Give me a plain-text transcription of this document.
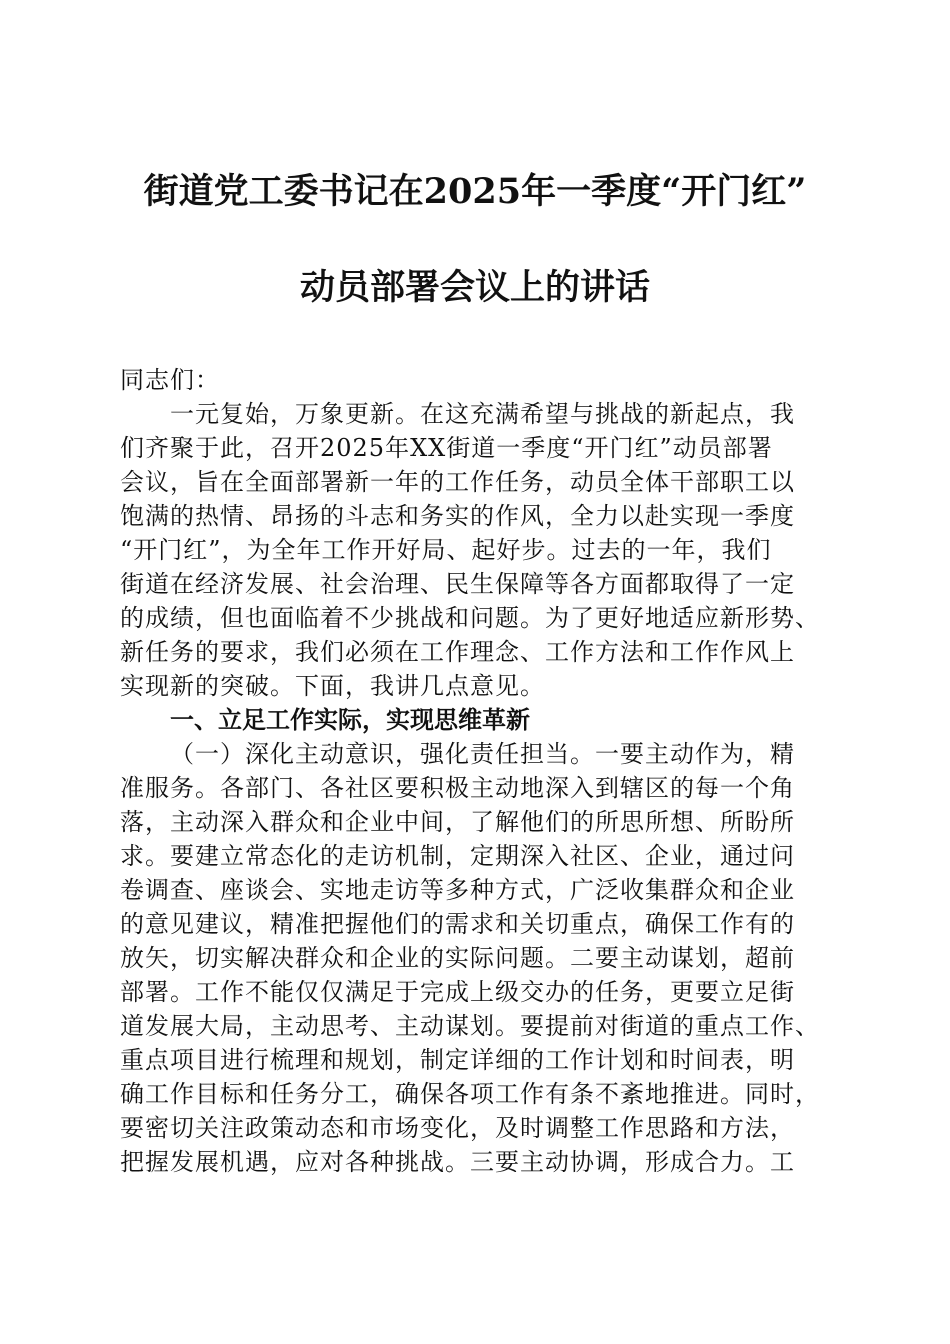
街道党工委书记在2025年一季度“开门红”
动员部署会议上的讲话
同志们：
一元复始，万象更新。在这充满希望与挑战的新起点，我
们齐聚于此，召开2025年XX街道一季度“开门红”动员部署
会议，旨在全面部署新一年的工作任务，动员全体干部职工以
饱满的热情、昂扬的斗志和务实的作风，全力以赴实现一季度
“开门红”，为全年工作开好局、起好步。过去的一年，我们
街道在经济发展、社会治理、民生保障等各方面都取得了一定
的成绩，但也面临着不少挑战和问题。为了更好地适应新形势、
新任务的要求，我们必须在工作理念、工作方法和工作作风上
实现新的突破。下面，我讲几点意见。
一、立足工作实际，实现思维革新
（一）深化主动意识，强化责任担当。一要主动作为，精
准服务。各部门、各社区要积极主动地深入到辖区的每一个角
落，主动深入群众和企业中间，了解他们的所思所想、所盼所
求。要建立常态化的走访机制，定期深入社区、企业，通过问
卷调查、座谈会、实地走访等多种方式，广泛收集群众和企业
的意见建议，精准把握他们的需求和关切重点，确保工作有的
放矢，切实解决群众和企业的实际问题。二要主动谋划，超前
部署。工作不能仅仅满足于完成上级交办的任务，更要立足街
道发展大局，主动思考、主动谋划。要提前对街道的重点工作、
重点项目进行梳理和规划，制定详细的工作计划和时间表，明
确工作目标和任务分工，确保各项工作有条不紊地推进。同时，
要密切关注政策动态和市场变化，及时调整工作思路和方法，
把握发展机遇，应对各种挑战。三要主动协调，形成合力。工
